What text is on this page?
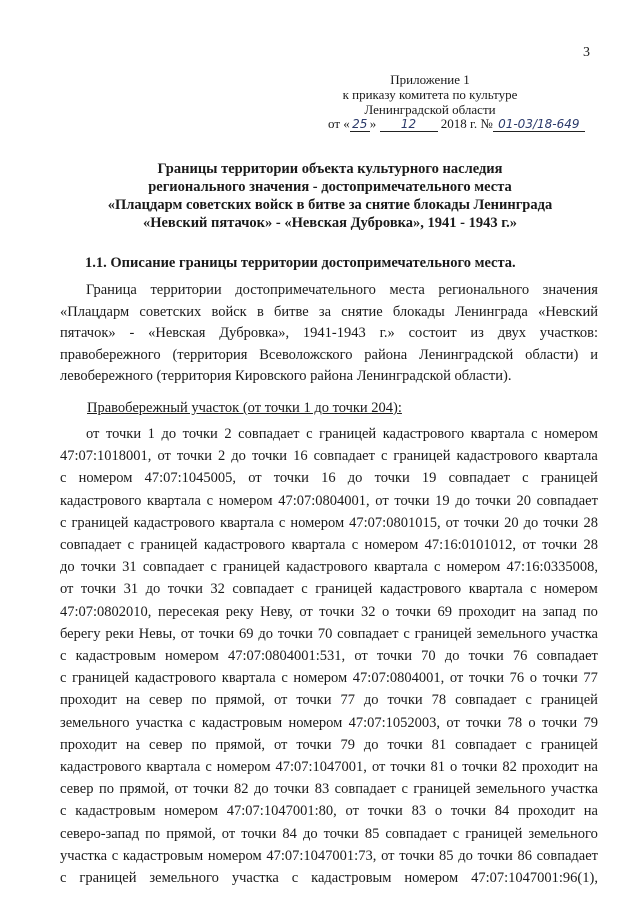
3
Приложение 1
к приказу комитета по культуре
Ленинградской области
от « 25 » 12 2018 г. № 01-03/18-649
Границы территории объекта культурного наследия
регионального значения - достопримечательного места
«Плацдарм советских войск в битве за снятие блокады Ленинграда
«Невский пятачок» - «Невская Дубровка», 1941 - 1943 г.»
1.1. Описание границы территории достопримечательного места.
Граница территории достопримечательного места регионального значения
«Плацдарм советских войск в битве за снятие блокады Ленинграда «Невский
пятачок» - «Невская Дубровка», 1941-1943 г.» состоит из двух участков:
правобережного (территория Всеволожского района Ленинградской области) и
левобережного (территория Кировского района Ленинградской области).
Правобережный участок (от точки 1 до точки 204):
от точки 1 до точки 2 совпадает с границей кадастрового квартала с номером
47:07:1018001, от точки 2 до точки 16 совпадает с границей кадастрового квартала
с номером 47:07:1045005, от точки 16 до точки 19 совпадает с границей
кадастрового квартала с номером 47:07:0804001, от точки 19 до точки 20 совпадает
с границей кадастрового квартала с номером 47:07:0801015, от точки 20 до точки 28
совпадает с границей кадастрового квартала с номером 47:16:0101012, от точки 28
до точки 31 совпадает с границей кадастрового квартала с номером 47:16:0335008,
от точки 31 до точки 32 совпадает с границей кадастрового квартала с номером
47:07:0802010, пересекая реку Неву, от точки 32 о точки 69 проходит на запад по
берегу реки Невы, от точки 69 до точки 70 совпадает с границей земельного участка
с кадастровым номером 47:07:0804001:531, от точки 70 до точки 76 совпадает
с границей кадастрового квартала с номером 47:07:0804001, от точки 76 о точки 77
проходит на север по прямой, от точки 77 до точки 78 совпадает с границей
земельного участка с кадастровым номером 47:07:1052003, от точки 78 о точки 79
проходит на север по прямой, от точки 79 до точки 81 совпадает с границей
кадастрового квартала с номером 47:07:1047001, от точки 81 о точки 82 проходит на
север по прямой, от точки 82 до точки 83 совпадает с границей земельного участка
с кадастровым номером 47:07:1047001:80, от точки 83 о точки 84 проходит на
северо-запад по прямой, от точки 84 до точки 85 совпадает с границей земельного
участка с кадастровым номером 47:07:1047001:73, от точки 85 до точки 86 совпадает
с границей земельного участка с кадастровым номером 47:07:1047001:96(1),
